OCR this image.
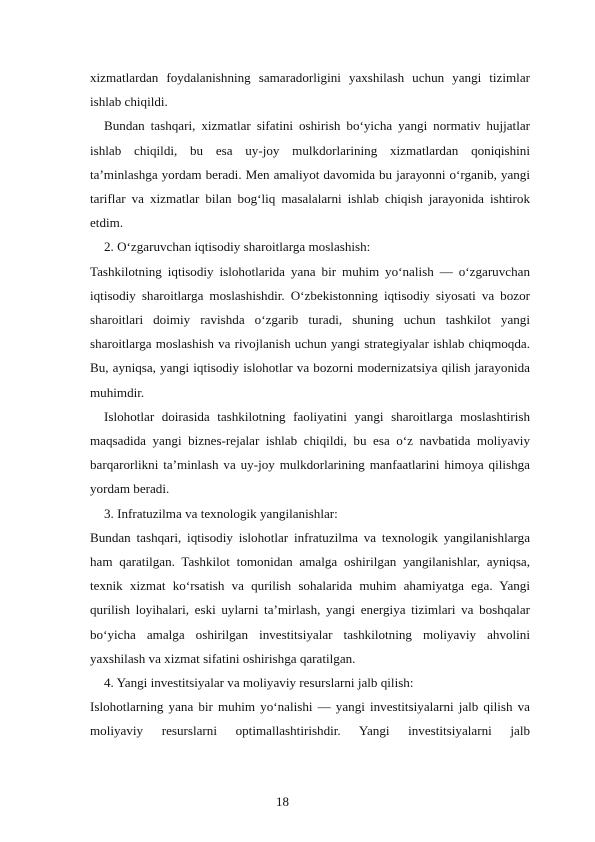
xizmatlardan foydalanishning samaradorligini yaxshilash uchun yangi tizimlar ishlab chiqildi.

Bundan tashqari, xizmatlar sifatini oshirish bo‘yicha yangi normativ hujjatlar ishlab chiqildi, bu esa uy-joy mulkdorlarining xizmatlardan qoniqishini ta’minlashga yordam beradi. Men amaliyot davomida bu jarayonni o‘rganib, yangi tariflar va xizmatlar bilan bog‘liq masalalarni ishlab chiqish jarayonida ishtirok etdim.

2. O‘zgaruvchan iqtisodiy sharoitlarga moslashish:

Tashkilotning iqtisodiy islohotlarida yana bir muhim yo‘nalish — o‘zgaruvchan iqtisodiy sharoitlarga moslashishdir. O‘zbekistonning iqtisodiy siyosati va bozor sharoitlari doimiy ravishda o‘zgarib turadi, shuning uchun tashkilot yangi sharoitlarga moslashish va rivojlanish uchun yangi strategiyalar ishlab chiqmoqda. Bu, ayniqsa, yangi iqtisodiy islohotlar va bozorni modernizatsiya qilish jarayonida muhimdir.

Islohotlar doirasida tashkilotning faoliyatini yangi sharoitlarga moslashtirish maqsadida yangi biznes-rejalar ishlab chiqildi, bu esa o‘z navbatida moliyaviy barqarorlikni ta’minlash va uy-joy mulkdorlarining manfaatlarini himoya qilishga yordam beradi.

3. Infratuzilma va texnologik yangilanishlar:

Bundan tashqari, iqtisodiy islohotlar infratuzilma va texnologik yangilanishlarga ham qaratilgan. Tashkilot tomonidan amalga oshirilgan yangilanishlar, ayniqsa, texnik xizmat ko‘rsatish va qurilish sohalarida muhim ahamiyatga ega. Yangi qurilish loyihalari, eski uylarni ta’mirlash, yangi energiya tizimlari va boshqalar bo‘yicha amalga oshirilgan investitsiyalar tashkilotning moliyaviy ahvolini yaxshilash va xizmat sifatini oshirishga qaratilgan.

4. Yangi investitsiyalar va moliyaviy resurslarni jalb qilish:

Islohotlarning yana bir muhim yo‘nalishi — yangi investitsiyalarni jalb qilish va moliyaviy resurslarni optimallashtirishdir. Yangi investitsiyalarni jalb

18
